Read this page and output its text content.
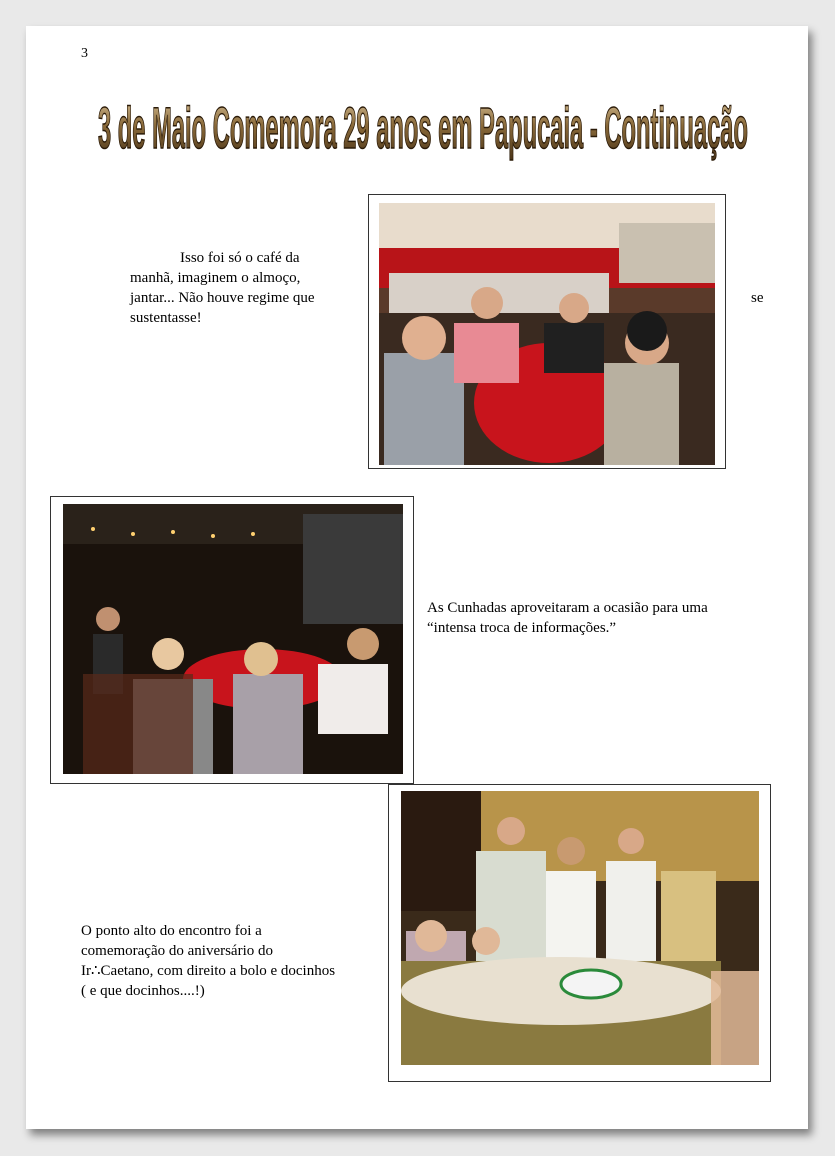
3
3 de Maio Comemora 29 anos em Papucaia - Continuação
Isso foi só o café da
manhã, imaginem o almoço,
jantar... Não houve regime que
sustentasse!
se
As Cunhadas aproveitaram a ocasião para uma
“intensa troca de informações.”
O ponto alto do encontro foi a
comemoração do aniversário do
Ir∴Caetano, com direito a bolo e docinhos
( e que docinhos....!)
